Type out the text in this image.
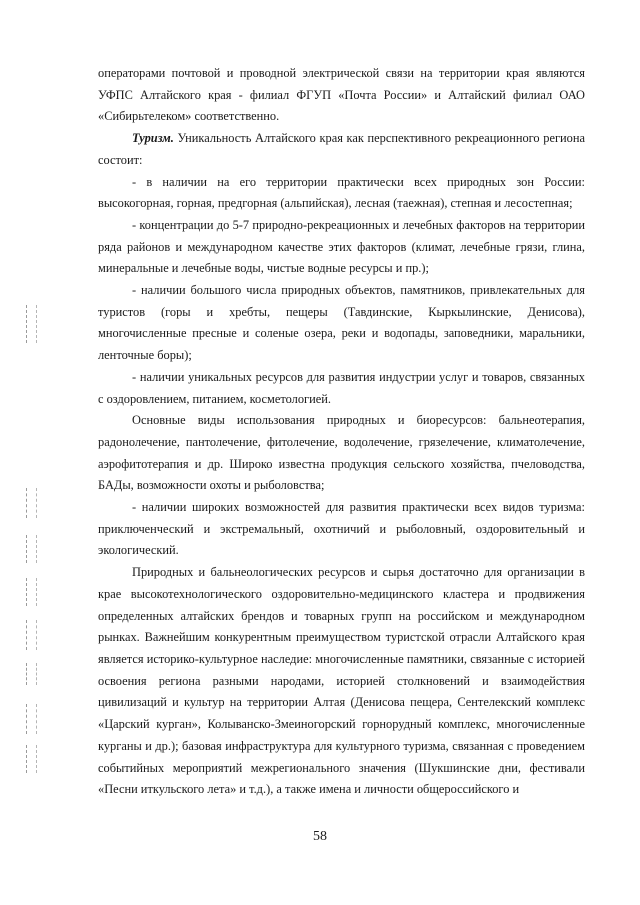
операторами почтовой и проводной электрической связи на территории края являются УФПС Алтайского края - филиал ФГУП «Почта России» и Алтайский филиал ОАО «Сибирьтелеком» соответственно.

Туризм. Уникальность Алтайского края как перспективного рекреационного региона состоит:

- в наличии на его территории практически всех природных зон России: высокогорная, горная, предгорная (альпийская), лесная (таежная), степная и лесостепная;

- концентрации до 5-7 природно-рекреационных и лечебных факторов на территории ряда районов и международном качестве этих факторов (климат, лечебные грязи, глина, минеральные и лечебные воды, чистые водные ресурсы и пр.);

- наличии большого числа природных объектов, памятников, привлекательных для туристов (горы и хребты, пещеры (Тавдинские, Кыркылинские, Денисова), многочисленные пресные и соленые озера, реки и водопады, заповедники, маральники, ленточные боры);

- наличии уникальных ресурсов для развития индустрии услуг и товаров, связанных с оздоровлением, питанием, косметологией.

Основные виды использования природных и биоресурсов: бальнеотерапия, радонолечение, пантолечение, фитолечение, водолечение, грязелечение, климатолечение, аэрофитотерапия и др. Широко известна продукция сельского хозяйства, пчеловодства, БАДы, возможности охоты и рыболовства;

- наличии широких возможностей для развития практически всех видов туризма: приключенческий и экстремальный, охотничий и рыболовный, оздоровительный и экологический.

Природных и бальнеологических ресурсов и сырья достаточно для организации в крае высокотехнологического оздоровительно-медицинского кластера и продвижения определенных алтайских брендов и товарных групп на российском и международном рынках. Важнейшим конкурентным преимуществом туристской отрасли Алтайского края является историко-культурное наследие: многочисленные памятники, связанные с историей освоения региона разными народами, историей столкновений и взаимодействия цивилизаций и культур на территории Алтая (Денисова пещера, Сентелекский комплекс «Царский курган», Колыванско-Змеиногорский горнорудный комплекс, многочисленные курганы и др.); базовая инфраструктура для культурного туризма, связанная с проведением событийных мероприятий межрегионального значения (Шукшинские дни, фестивали «Песни иткульского лета» и т.д.), а также имена и личности общероссийского и

58
